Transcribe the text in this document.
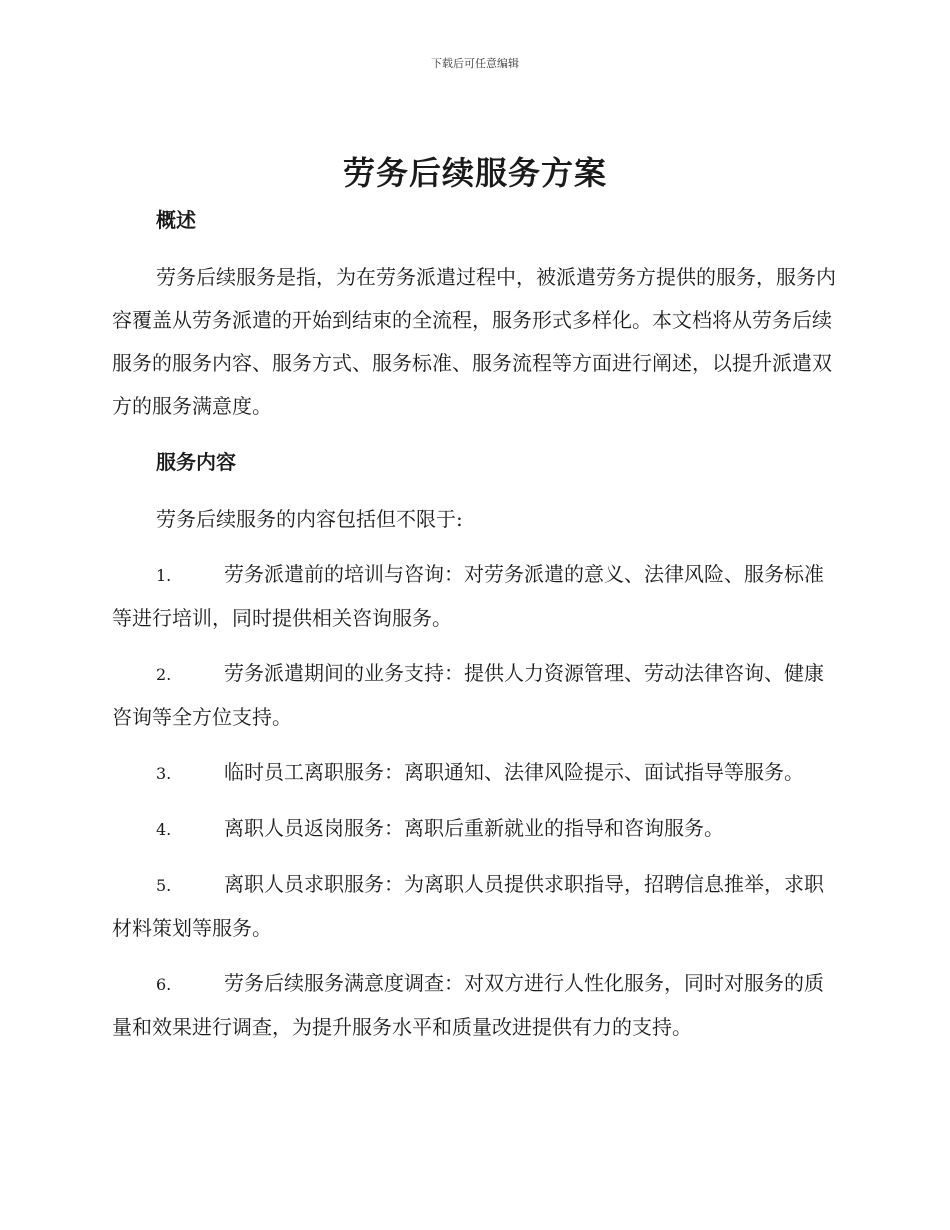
下载后可任意编辑
劳务后续服务方案
概述

劳务后续服务是指，为在劳务派遣过程中，被派遣劳务方提供的服务，服务内容覆盖从劳务派遣的开始到结束的全流程，服务形式多样化。本文档将从劳务后续服务的服务内容、服务方式、服务标准、服务流程等方面进行阐述，以提升派遣双方的服务满意度。

服务内容

劳务后续服务的内容包括但不限于:

1.	劳务派遣前的培训与咨询：对劳务派遣的意义、法律风险、服务标准等进行培训，同时提供相关咨询服务。
2.	劳务派遣期间的业务支持：提供人力资源管理、劳动法律咨询、健康咨询等全方位支持。
3.	临时员工离职服务：离职通知、法律风险提示、面试指导等服务。
4.	离职人员返岗服务：离职后重新就业的指导和咨询服务。
5.	离职人员求职服务：为离职人员提供求职指导，招聘信息推举，求职材料策划等服务。
6.	劳务后续服务满意度调查：对双方进行人性化服务，同时对服务的质量和效果进行调查，为提升服务水平和质量改进提供有力的支持。
